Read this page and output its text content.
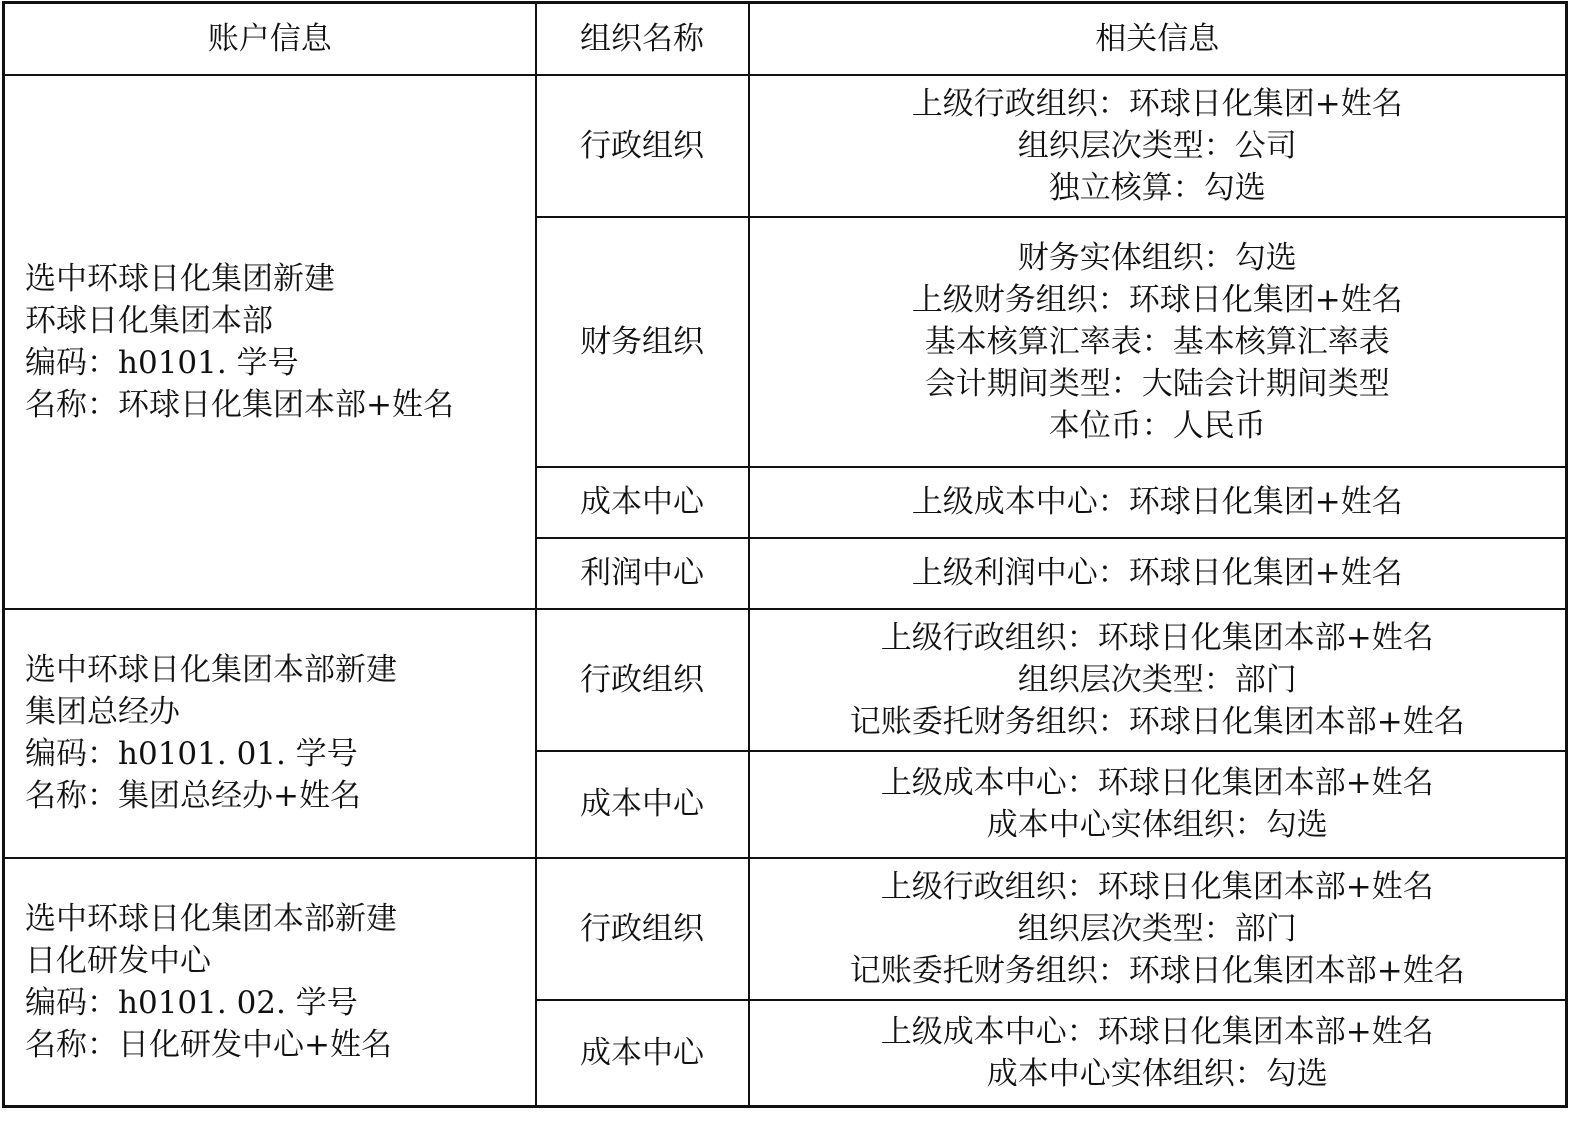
账户信息	组织名称	相关信息

选中环球日化集团新建
环球日化集团本部
编码：h0101. 学号
名称：环球日化集团本部+姓名	行政组织	上级行政组织：环球日化集团+姓名
组织层次类型：公司
独立核算：勾选

	财务组织	财务实体组织：勾选
上级财务组织：环球日化集团+姓名
基本核算汇率表：基本核算汇率表
会计期间类型：大陆会计期间类型
本位币：人民币

	成本中心	上级成本中心：环球日化集团+姓名

	利润中心	上级利润中心：环球日化集团+姓名

选中环球日化集团本部新建
集团总经办
编码：h0101. 01. 学号
名称：集团总经办+姓名	行政组织	上级行政组织：环球日化集团本部+姓名
组织层次类型：部门
记账委托财务组织：环球日化集团本部+姓名

	成本中心	上级成本中心：环球日化集团本部+姓名
成本中心实体组织：勾选

选中环球日化集团本部新建
日化研发中心
编码：h0101. 02. 学号
名称：日化研发中心+姓名	行政组织	上级行政组织：环球日化集团本部+姓名
组织层次类型：部门
记账委托财务组织：环球日化集团本部+姓名

	成本中心	上级成本中心：环球日化集团本部+姓名
成本中心实体组织：勾选
